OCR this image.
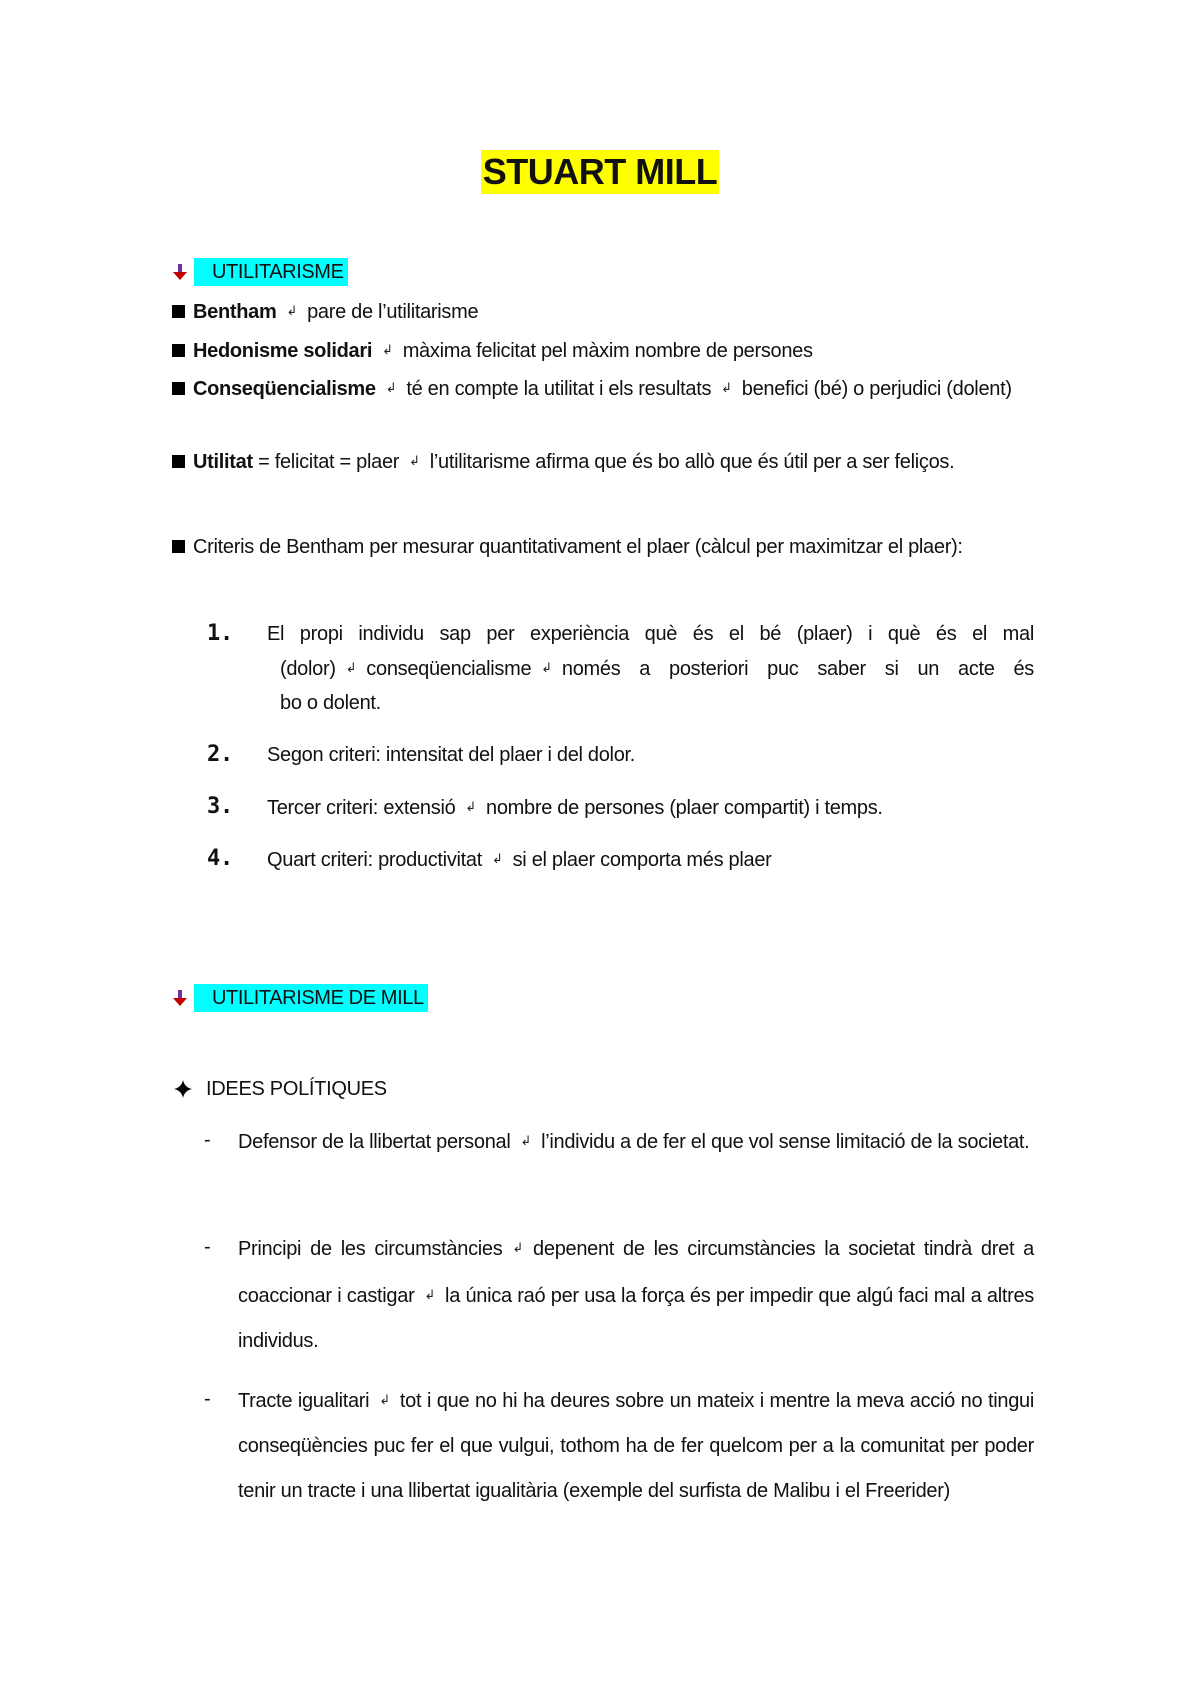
STUART MILL
UTILITARISME
Bentham ↲ pare de l’utilitarisme
Hedonisme solidari ↲ màxima felicitat pel màxim nombre de persones
Conseqüencialisme ↲ té en compte la utilitat i els resultats ↲ benefici (bé) o perjudici (dolent)
Utilitat = felicitat = plaer ↲ l’utilitarisme afirma que és bo allò que és útil per a ser feliços.
Criteris de Bentham per mesurar quantitativament el plaer (càlcul per maximitzar el plaer):
1.	El propi individu sap per experiència què és el bé (plaer) i què és el mal
(dolor) ↲ conseqüencialisme ↲ només a posteriori puc saber si un acte és
bo o dolent.
2.	Segon criteri: intensitat del plaer i del dolor.
3.	Tercer criteri: extensió ↲ nombre de persones (plaer compartit) i temps.
4.	Quart criteri: productivitat ↲ si el plaer comporta més plaer
UTILITARISME DE MILL
IDEES POLÍTIQUES
-	Defensor de la llibertat personal ↲ l’individu a de fer el que vol sense limitació de la societat.
-	Principi de les circumstàncies ↲ depenent de les circumstàncies la societat tindrà dret a coaccionar i castigar ↲ la única raó per usa la força és per impedir que algú faci mal a altres individus.
-	Tracte igualitari ↲ tot i que no hi ha deures sobre un mateix i mentre la meva acció no tingui conseqüències puc fer el que vulgui, tothom ha de fer quelcom per a la comunitat per poder tenir un tracte i una llibertat igualitària (exemple del surfista de Malibu i el Freerider)
